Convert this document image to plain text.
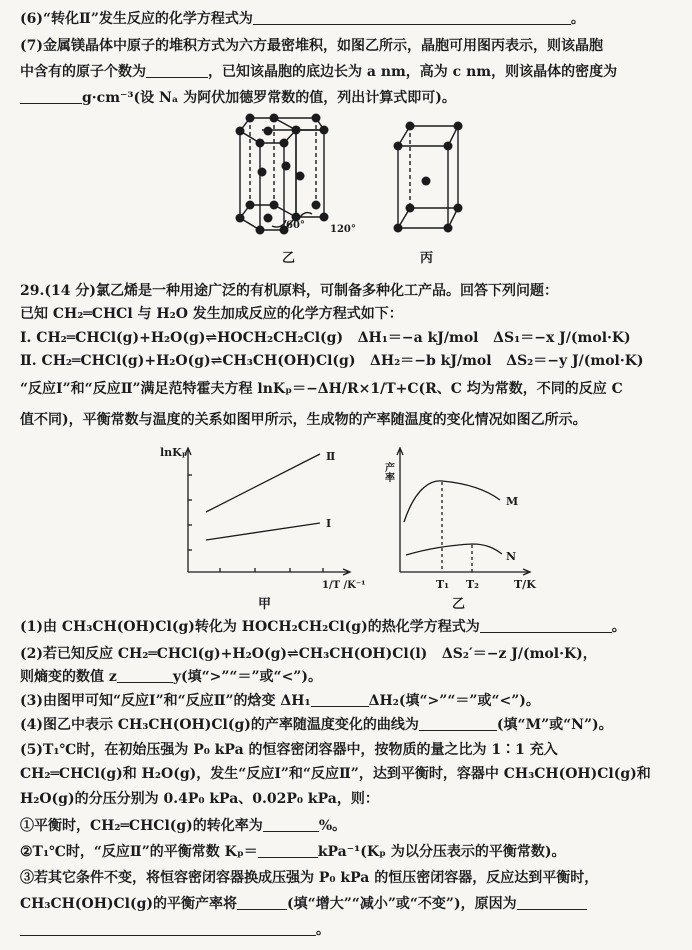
(6)“转化Ⅱ”发生反应的化学方程式为	。
(7)金属镁晶体中原子的堆积方式为六方最密堆积，如图乙所示，晶胞可用图丙表示，则该晶胞
中含有的原子个数为	，已知该晶胞的底边长为 a nm，高为 c nm，则该晶体的密度为
g·cm⁻³(设 Nₐ 为阿伏加德罗常数的值，列出计算式即可)。
60°	120°
乙	丙
29.(14 分)氯乙烯是一种用途广泛的有机原料，可制备多种化工产品。回答下列问题：
已知 CH₂═CHCl 与 H₂O 发生加成反应的化学方程式如下：
Ⅰ. CH₂═CHCl(g)+H₂O(g)⇌HOCH₂CH₂Cl(g)   ΔH₁＝−a kJ/mol   ΔS₁＝−x J/(mol·K)
Ⅱ. CH₂═CHCl(g)+H₂O(g)⇌CH₃CH(OH)Cl(g)   ΔH₂＝−b kJ/mol   ΔS₂＝−y J/(mol·K)
“反应Ⅰ”和“反应Ⅱ”满足范特霍夫方程 lnKₚ＝−ΔH/R×1/T+C(R、C 均为常数，不同的反应 C
值不同)，平衡常数与温度的关系如图甲所示，生成物的产率随温度的变化情况如图乙所示。
lnKₚ
1/T /K⁻¹
Ⅱ
Ⅰ
甲
产率
M
N
T₁ T₂	T/K
乙
(1)由 CH₃CH(OH)Cl(g)转化为 HOCH₂CH₂Cl(g)的热化学方程式为	。
(2)若已知反应 CH₂═CHCl(g)+H₂O(g)⇌CH₃CH(OH)Cl(l)   ΔS₂′＝−z J/(mol·K)，
则熵变的数值 z	y(填“>”“＝”或“<”)。
(3)由图甲可知“反应Ⅰ”和“反应Ⅱ”的焓变 ΔH₁	ΔH₂(填“>”“＝”或“<”)。
(4)图乙中表示 CH₃CH(OH)Cl(g)的产率随温度变化的曲线为	(填“M”或“N”)。
(5)T₁℃时，在初始压强为 P₀ kPa 的恒容密闭容器中，按物质的量之比为 1∶1 充入
CH₂═CHCl(g)和 H₂O(g)，发生“反应Ⅰ”和“反应Ⅱ”，达到平衡时，容器中 CH₃CH(OH)Cl(g)和
H₂O(g)的分压分别为 0.4P₀ kPa、0.02P₀ kPa，则：
①平衡时，CH₂═CHCl(g)的转化率为	%。
②T₁℃时，“反应Ⅱ”的平衡常数 Kₚ＝	kPa⁻¹(Kₚ 为以分压表示的平衡常数)。
③若其它条件不变，将恒容密闭容器换成压强为 P₀ kPa 的恒压密闭容器，反应达到平衡时，
CH₃CH(OH)Cl(g)的平衡产率将	(填“增大”“减小”或“不变”)，原因为
。
